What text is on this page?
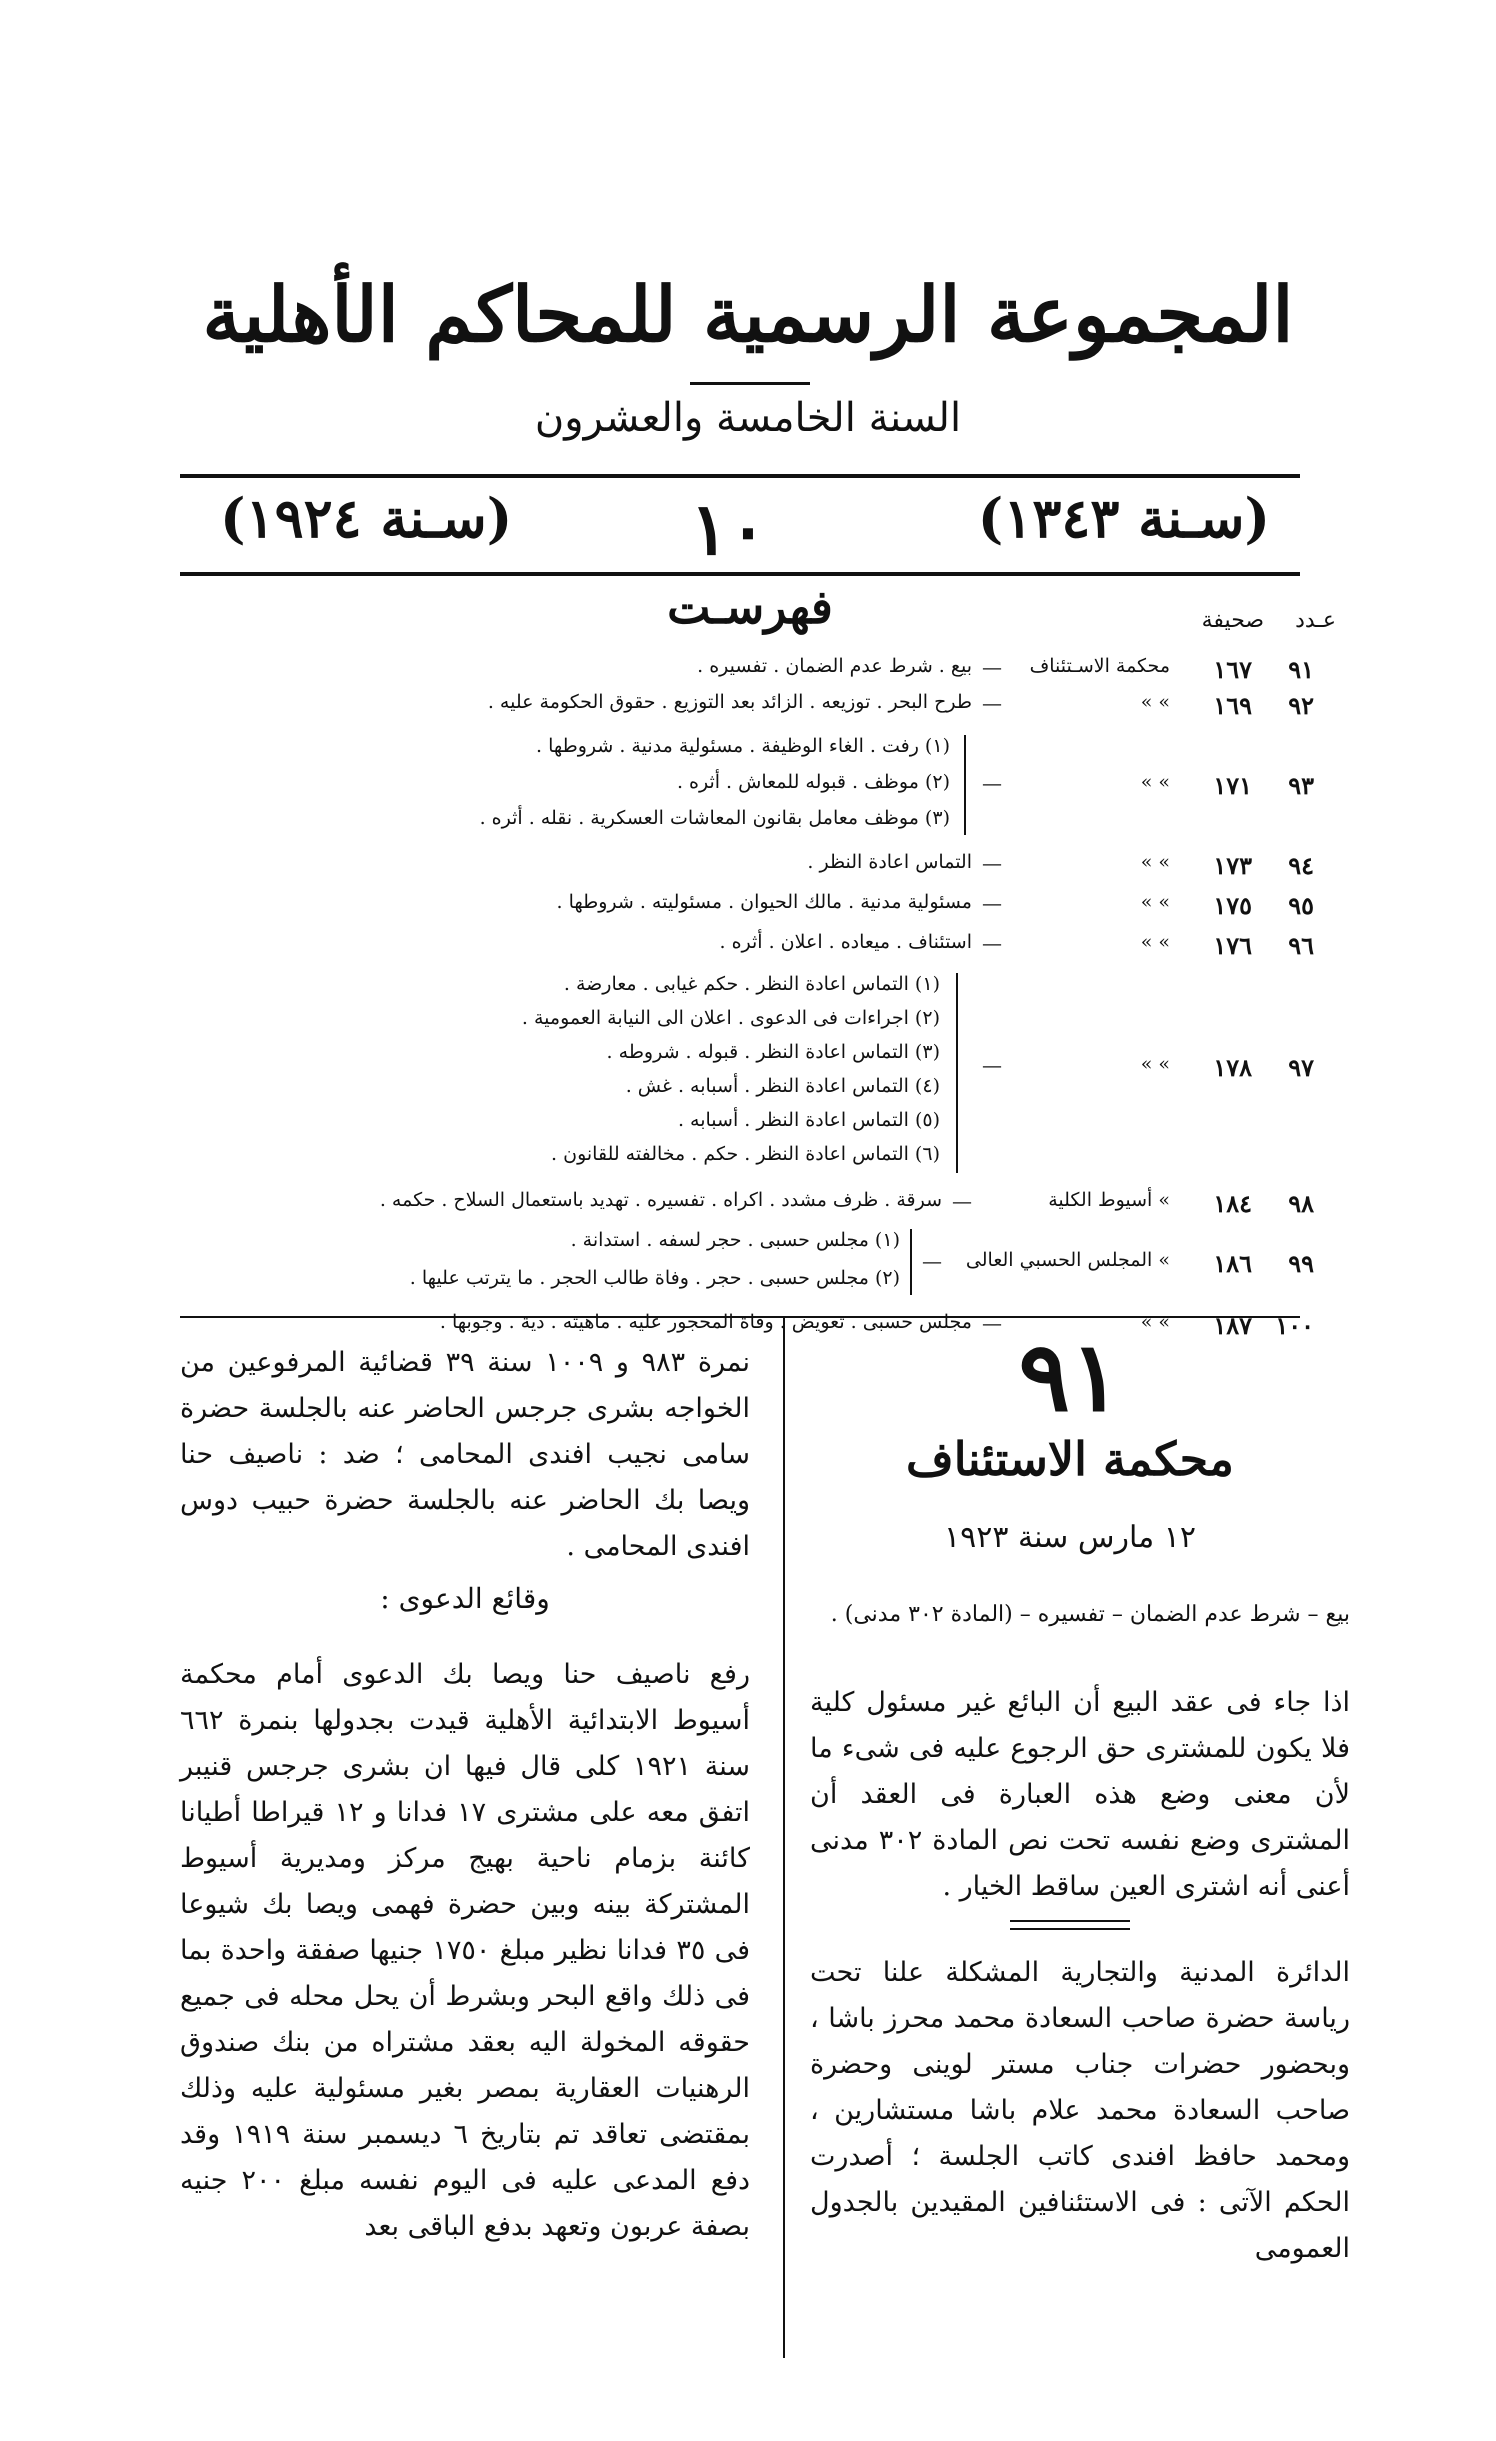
المجموعة الرسمية للمحاكم الأهلية
السنة الخامسة والعشرون
(سـنة ١٣٤٣)
١٠
(سـنة ١٩٢٤)
فهرسـت	عـدد صحيفة
٩١
١٦٧
محكمة الاسـتئناف
—
بيع . شرط عدم الضمان . تفسيره .
٩٢
١٦٩
» »
—
طرح البحر . توزيعه . الزائد بعد التوزيع . حقوق الحكومة عليه .
(١) رفت . الغاء الوظيفة . مسئولية مدنية . شروطها .
٩٣
١٧١
» »
—
(٢) موظف . قبوله للمعاش . أثره .
(٣) موظف معامل بقانون المعاشات العسكرية . نقله . أثره .
٩٤
١٧٣
» »
—
التماس اعادة النظر .
٩٥
١٧٥
» »
—
مسئولية مدنية . مالك الحيوان . مسئوليته . شروطها .
٩٦
١٧٦
» »
—
استئناف . ميعاده . اعلان . أثره .
(١) التماس اعادة النظر . حكم غيابى . معارضة .
(٢) اجراءات فى الدعوى . اعلان الى النيابة العمومية .
(٣) التماس اعادة النظر . قبوله . شروطه .
٩٧
١٧٨
» »
—
(٤) التماس اعادة النظر . أسبابه . غش .
(٥) التماس اعادة النظر . أسبابه .
(٦) التماس اعادة النظر . حكم . مخالفته للقانون .
٩٨
١٨٤
» أسيوط الكلية
—
سرقة . ظرف مشدد . اكراه . تفسيره . تهديد باستعمال السلاح . حكمه .
(١) مجلس حسبى . حجر لسفه . استدانة .
٩٩
١٨٦
» المجلس الحسبي العالى
—
(٢) مجلس حسبى . حجر . وفاة طالب الحجر . ما يترتب عليها .
١٠٠
١٨٧
» »
—
مجلس حسبى . تعويض . وفاة المحجور عليه . ماهيته . دية . وجوبها . ٩١
محكمة الاستئناف
١٢ مارس سنة ١٩٢٣
بيع – شرط عدم الضمان – تفسيره – (المادة ٣٠٢ مدنى) .
اذا جاء فى عقد البيع أن البائع غير مسئول كلية فلا يكون للمشترى حق الرجوع عليه فى شىء ما لأن معنى وضع هذه العبارة فى العقد أن المشترى وضع نفسه تحت نص المادة ٣٠٢ مدنى أعنى أنه اشترى العين ساقط الخيار .
الدائرة المدنية والتجارية المشكلة علنا تحت رياسة حضرة صاحب السعادة محمد محرز باشا ، وبحضور حضرات جناب مستر لوينى وحضرة صاحب السعادة محمد علام باشا مستشارين ، ومحمد حافظ افندى كاتب الجلسة ؛ أصدرت الحكم الآتى : فى الاستئنافين المقيدين بالجدول العمومى
نمرة ٩٨٣ و ١٠٠٩ سنة ٣٩ قضائية المرفوعين من الخواجه بشرى جرجس الحاضر عنه بالجلسة حضرة سامى نجيب افندى المحامى ؛ ضد : ناصيف حنا ويصا بك الحاضر عنه بالجلسة حضرة حبيب دوس افندى المحامى .
وقائع الدعوى :
رفع ناصيف حنا ويصا بك الدعوى أمام محكمة أسيوط الابتدائية الأهلية قيدت بجدولها بنمرة ٦٦٢ سنة ١٩٢١ كلى قال فيها ان بشرى جرجس قنيبر اتفق معه على مشترى ١٧ فدانا و ١٢ قيراطا أطيانا كائنة بزمام ناحية بهيج مركز ومديرية أسيوط المشتركة بينه وبين حضرة فهمى ويصا بك شيوعا فى ٣٥ فدانا نظير مبلغ ١٧٥٠ جنيها صفقة واحدة بما فى ذلك واقع البحر وبشرط أن يحل محله فى جميع حقوقه المخولة اليه بعقد مشتراه من بنك صندوق الرهنيات العقارية بمصر بغير مسئولية عليه وذلك بمقتضى تعاقد تم بتاريخ ٦ ديسمبر سنة ١٩١٩ وقد دفع المدعى عليه فى اليوم نفسه مبلغ ٢٠٠ جنيه بصفة عربون وتعهد بدفع الباقى بعد
